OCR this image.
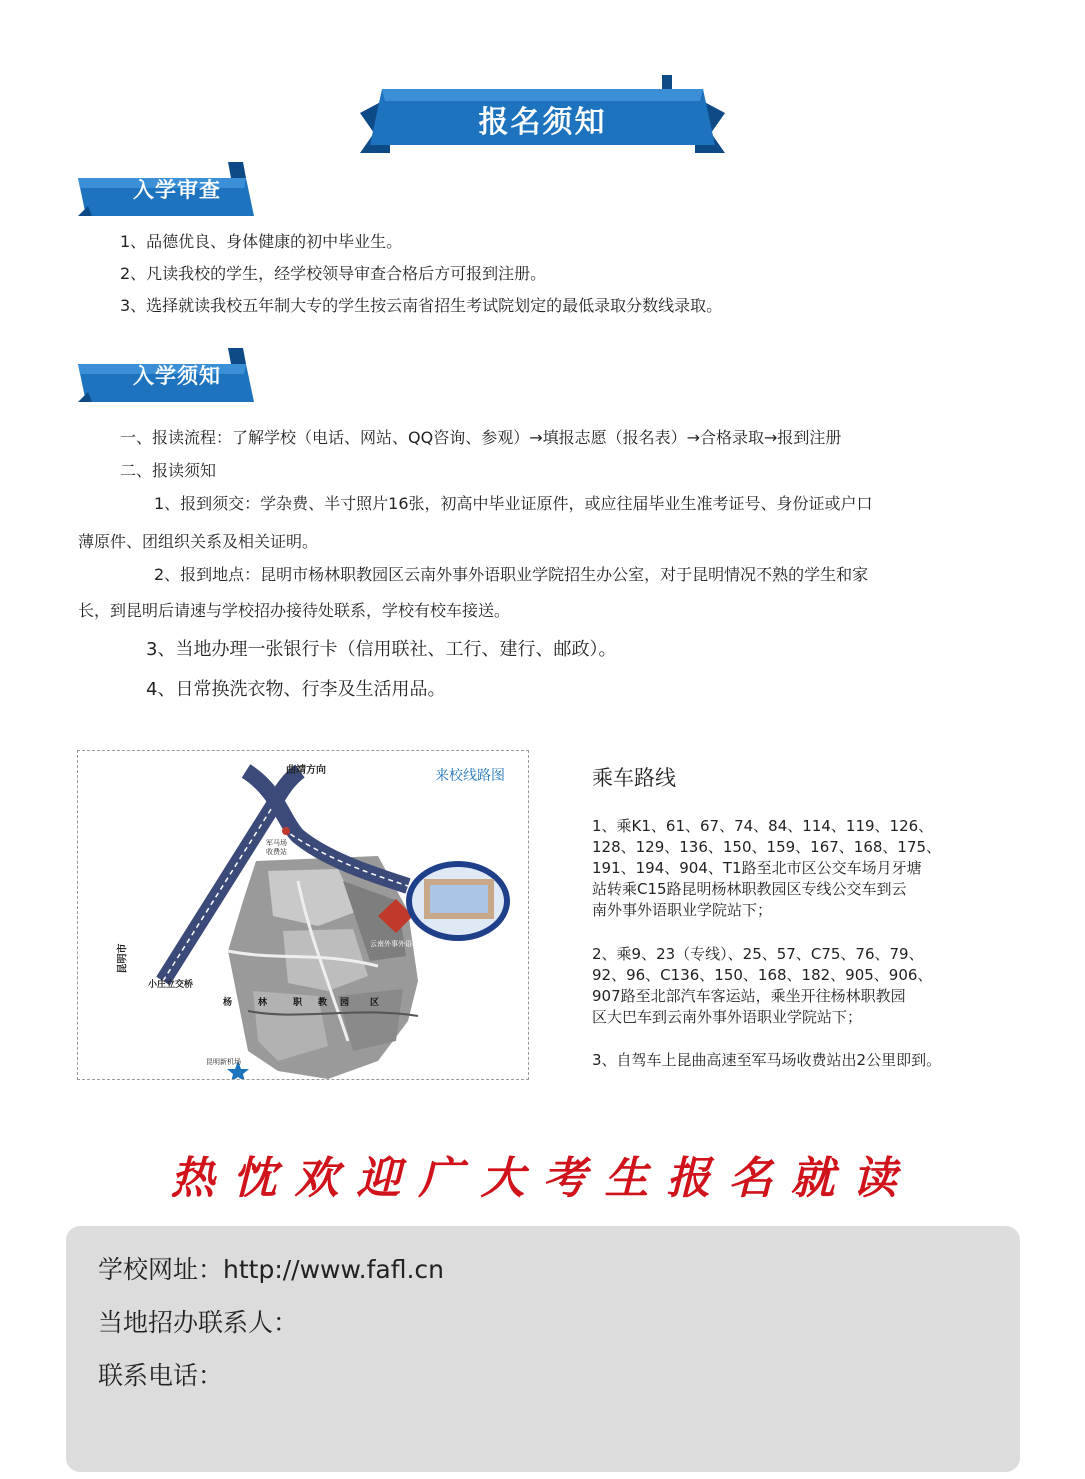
报名须知
入学审查
1、品德优良、身体健康的初中毕业生。
2、凡读我校的学生，经学校领导审查合格后方可报到注册。
3、选择就读我校五年制大专的学生按云南省招生考试院划定的最低录取分数线录取。
入学须知
一、报读流程：了解学校（电话、网站、QQ咨询、参观）→填报志愿（报名表）→合格录取→报到注册
二、报读须知
1、报到须交：学杂费、半寸照片16张，初高中毕业证原件，或应往届毕业生准考证号、身份证或户口
薄原件、团组织关系及相关证明。
2、报到地点：昆明市杨林职教园区云南外事外语职业学院招生办公室，对于昆明情况不熟的学生和家
长，到昆明后请速与学校招办接待处联系，学校有校车接送。
3、当地办理一张银行卡（信用联社、工行、建行、邮政）。
4、日常换洗衣物、行李及生活用品。
来校线路图
曲靖方向
军马场收费站
昆明市
小庄立交桥
昆曲高速
云南外事外语职业学院
杨	林	职 教 园 区
昆明新机场
乘车路线
1、乘K1、61、67、74、84、114、119、126、
128、129、136、150、159、167、168、175、
191、194、904、T1路至北市区公交车场月牙塘
站转乘C15路昆明杨林职教园区专线公交车到云
南外事外语职业学院站下；
2、乘9、23（专线）、25、57、C75、76、79、
92、96、C136、150、168、182、905、906、
907路至北部汽车客运站，乘坐开往杨林职教园
区大巴车到云南外事外语职业学院站下；
3、自驾车上昆曲高速至军马场收费站出2公里即到。
热忱欢迎广大考生报名就读
学校网址：http://www.fafl.cn
当地招办联系人：
联系电话：
